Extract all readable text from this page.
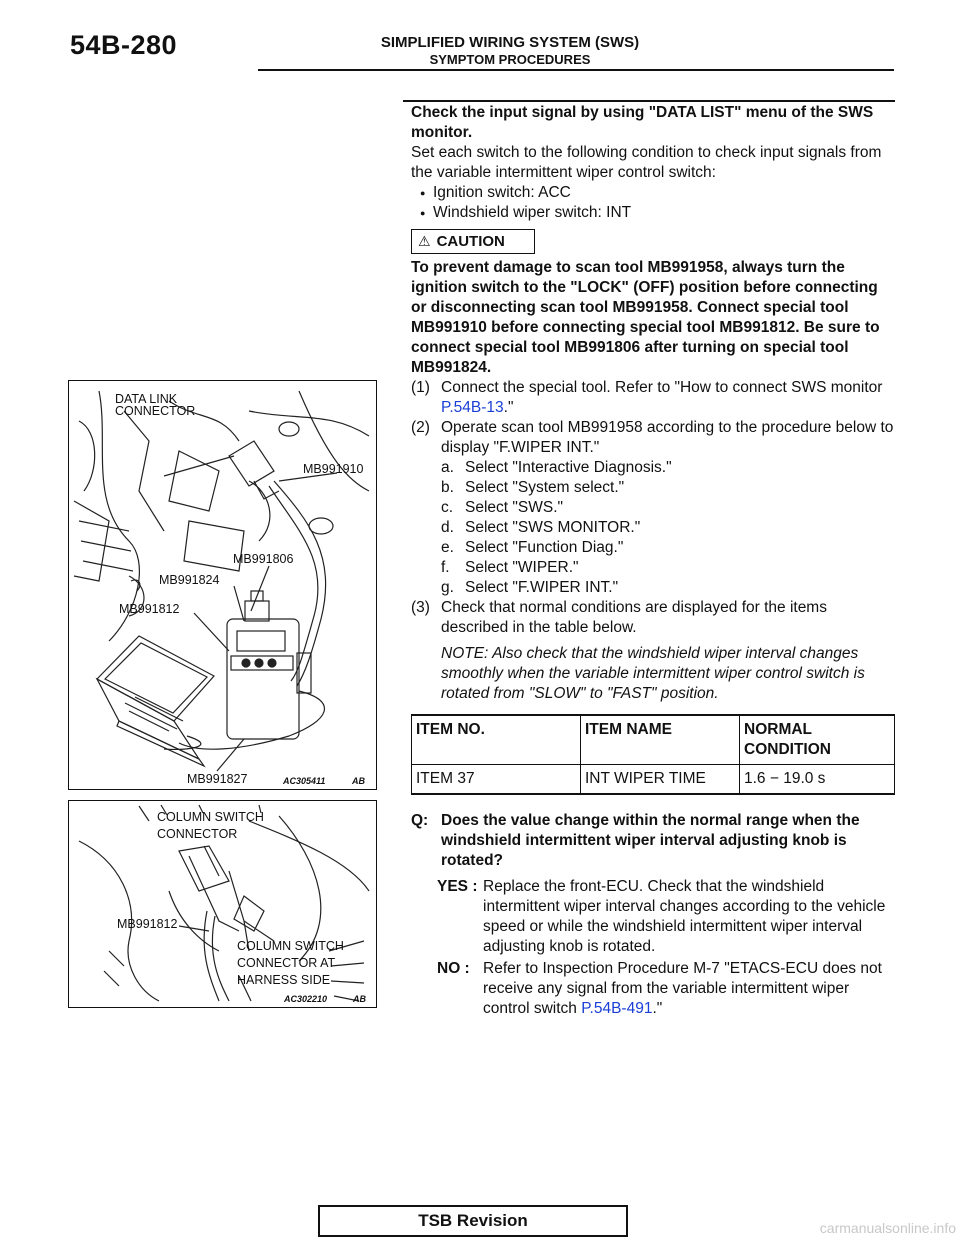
54B-280	SIMPLIFIED WIRING SYSTEM (SWS)
SYMPTOM PROCEDURES
Check the input signal by using "DATA LIST" menu of the SWS monitor.
Set each switch to the following condition to check input signals from the variable intermittent wiper control switch:
● Ignition switch: ACC
● Windshield wiper switch: INT
⚠ CAUTION
To prevent damage to scan tool MB991958, always turn the ignition switch to the "LOCK" (OFF) position before connecting or disconnecting scan tool MB991958. Connect special tool MB991910 before connecting special tool MB991812. Be sure to connect special tool MB991806 after turning on special tool MB991824.
(1) Connect the special tool. Refer to "How to connect SWS monitor P.54B-13."
(2) Operate scan tool MB991958 according to the procedure below to display "F.WIPER INT."
a. Select "Interactive Diagnosis."
b. Select "System select."
c. Select "SWS."
d. Select "SWS MONITOR."
e. Select "Function Diag."
f. Select "WIPER."
g. Select "F.WIPER INT."
(3) Check that normal conditions are displayed for the items described in the table below.
NOTE: Also check that the windshield wiper interval changes smoothly when the variable intermittent wiper control switch is rotated from "SLOW" to "FAST" position.
ITEM NO.	ITEM NAME	NORMAL CONDITION
ITEM 37	INT WIPER TIME	1.6 − 19.0 s
Q: Does the value change within the normal range when the windshield intermittent wiper interval adjusting knob is rotated?
YES : Replace the front-ECU. Check that the windshield intermittent wiper interval changes according to the vehicle speed or while the windshield intermittent wiper interval adjusting knob is rotated.
NO : Refer to Inspection Procedure M-7 "ETACS-ECU does not receive any signal from the variable intermittent wiper control switch P.54B-491."
DATA LINK
CONNECTOR
MB991910
MB991806
MB991824
MB991812
MB991827	AC305411	AB
COLUMN SWITCH
CONNECTOR
MB991812
COLUMN SWITCH
CONNECTOR AT
HARNESS SIDE
AC302210	AB
TSB Revision	carmanualsonline.info
